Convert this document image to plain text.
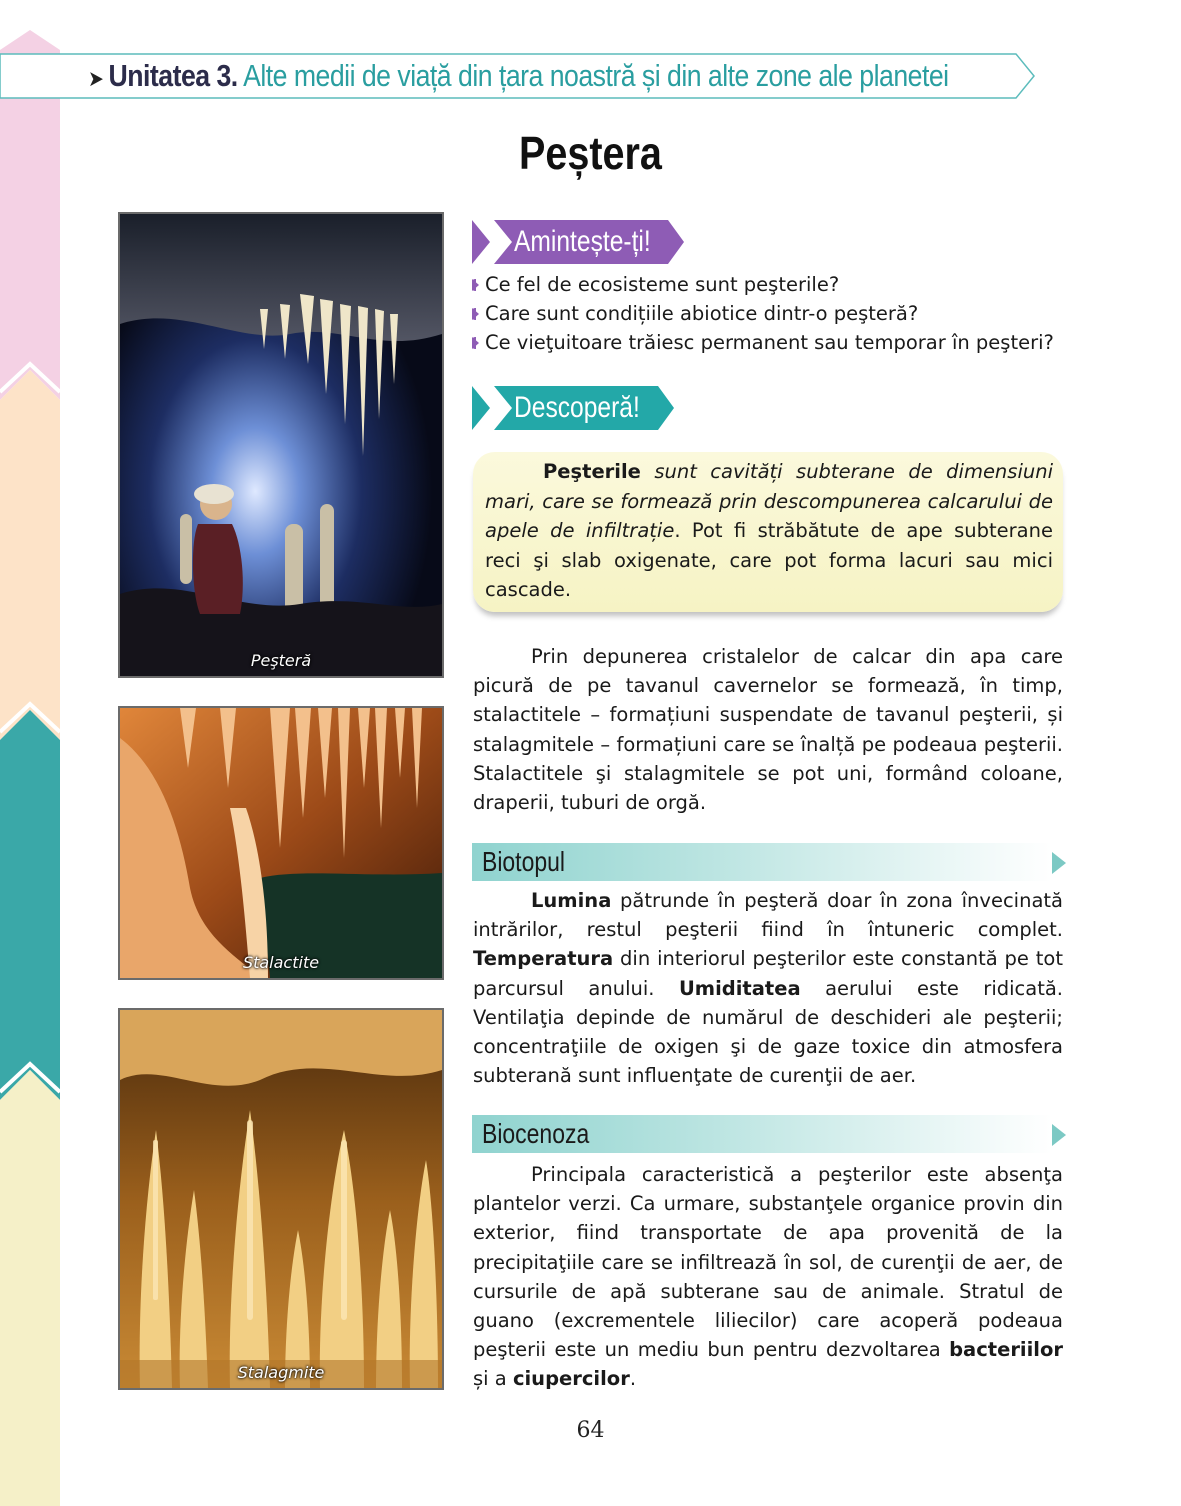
➤ Unitatea 3. Alte medii de viață din țara noastră și din alte zone ale planetei
Peștera
Peşteră
Stalactite
Stalagmite
Amintește-ți!
Ce fel de ecosisteme sunt peşterile?
Care sunt condițiile abiotice dintr-o peşteră?
Ce vieţuitoare trăiesc permanent sau temporar în peşteri?
Descoperă!
Peşterile sunt cavități subterane de dimensiuni mari, care se formează prin descompunerea calcarului de apele de infiltrație. Pot fi străbătute de ape subterane reci şi slab oxigenate, care pot forma lacuri sau mici cascade.
Prin depunerea cristalelor de calcar din apa care picură de pe tavanul cavernelor se formează, în timp, stalactitele – formațiuni suspendate de tavanul peşterii, și stalagmitele – formațiuni care se înalță pe podeaua peşterii. Stalactitele şi stalagmitele se pot uni, formând coloane, draperii, tuburi de orgă.
Biotopul
Lumina pătrunde în peşteră doar în zona învecinată intrărilor, restul peşterii fiind în întuneric complet. Temperatura din interiorul peşterilor este constantă pe tot parcursul anului. Umiditatea aerului este ridicată. Ventilaţia depinde de numărul de deschideri ale peşterii; concentraţiile de oxigen şi de gaze toxice din atmosfera subterană sunt influenţate de curenţii de aer.
Biocenoza
Principala caracteristică a peşterilor este absenţa plantelor verzi. Ca urmare, substanţele organice provin din exterior, fiind transportate de apa provenită de la precipitaţiile care se infiltrează în sol, de curenţii de aer, de cursurile de apă subterane sau de animale. Stratul de guano (excrementele liliecilor) care acoperă podeaua peşterii este un mediu bun pentru dezvoltarea bacteriilor și a ciupercilor.
64
